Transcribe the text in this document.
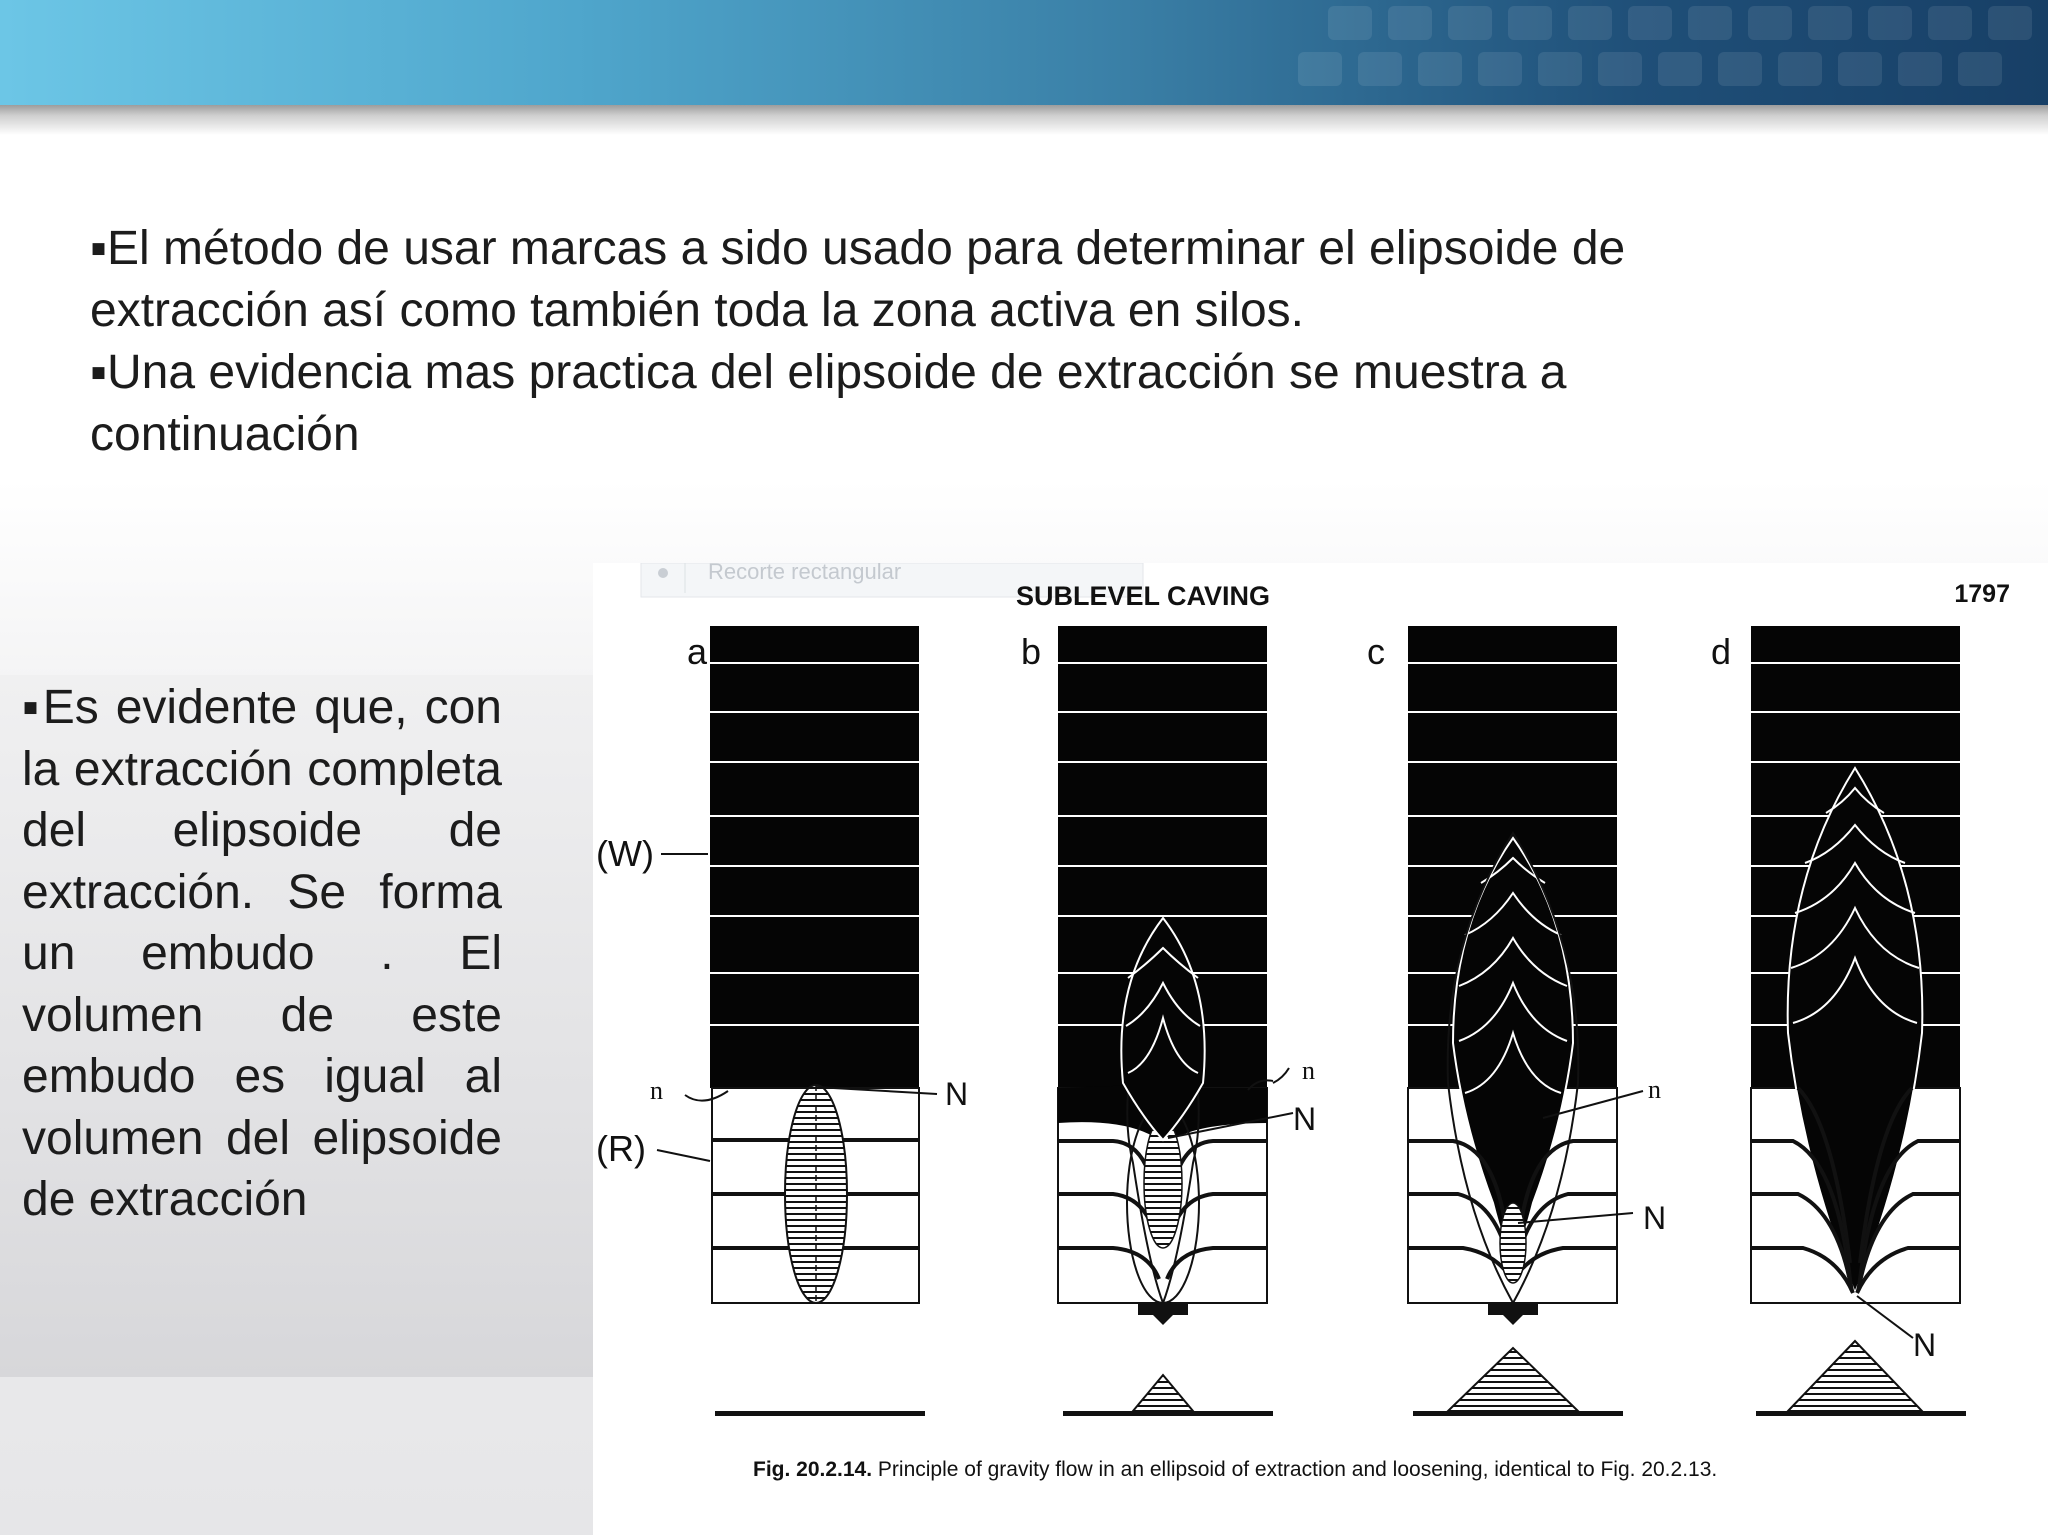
▪El método de usar marcas a sido usado para determinar el elipsoide de extracción así como también toda la zona activa en silos.

▪Una evidencia mas practica del elipsoide de extracción se muestra a continuación

▪Es evidente que, con la extracción completa del elipsoide de extracción. Se forma un embudo . El volumen de este embudo es igual al volumen del elipsoide de extracción
Recorte rectangular
SUBLEVEL CAVING	1797
a	b	c	d
n	N
(W)
(R)
n
N
n
N
N
Fig. 20.2.14. Principle of gravity flow in an ellipsoid of extraction and loosening, identical to Fig. 20.2.13.
